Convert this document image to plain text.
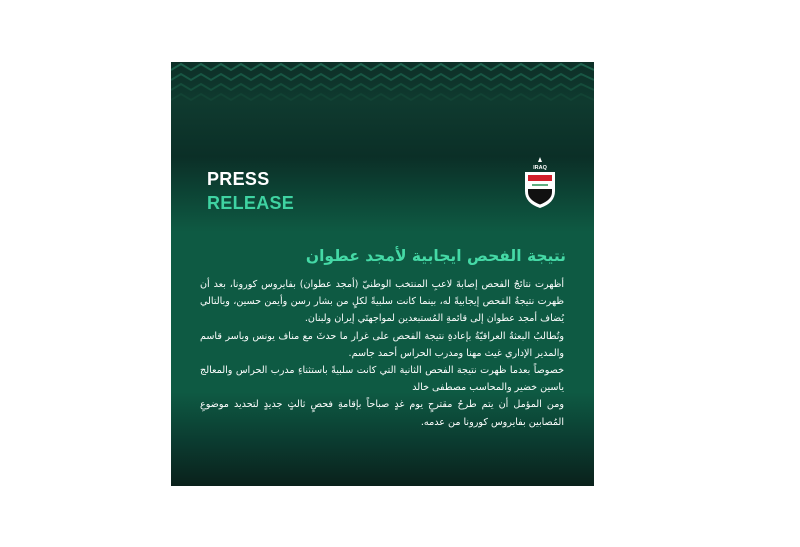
PRESS
RELEASE
IRAQ
نتيجة الفحص ايجابية لأمجد عطوان

أظهرت نتائجُ الفحص إصابةَ لاعبِ المنتخب الوطنيّ (أمجد عطوان) بفايروس كورونا، بعد أن ظهرت نتيجةُ الفحص إيجابيةً له، بينما كانت سلبيةً لكلٍ من بشار رسن وأيمن حسين، وبالتالي يُضاف أمجد عطوان إلى قائمةِ المُستبعدين لمواجهتَي إيران ولبنان.

وتُطالبُ البعثةُ العراقيّةُ بإعادةِ نتيجة الفحص على غرار ما حدثَ مع مناف يونس وياسر قاسم والمدير الإداري غيث مهنا ومدرب الحراس أحمد جاسم.

خصوصاً بعدما ظهرت نتيجة الفحص الثانية التي كانت سلبيةً باستثناءِ مدرب الحراس والمعالج ياسين خضير والمحاسب مصطفى خالد

ومن المؤمل أن يتم طرحُ مقترحٍ يوم غدٍ صباحاً بإقامةِ فحصٍ ثالثٍ جديدٍ لتحديد موضوعِ المُصابين بفايروس كورونا من عدمه.
